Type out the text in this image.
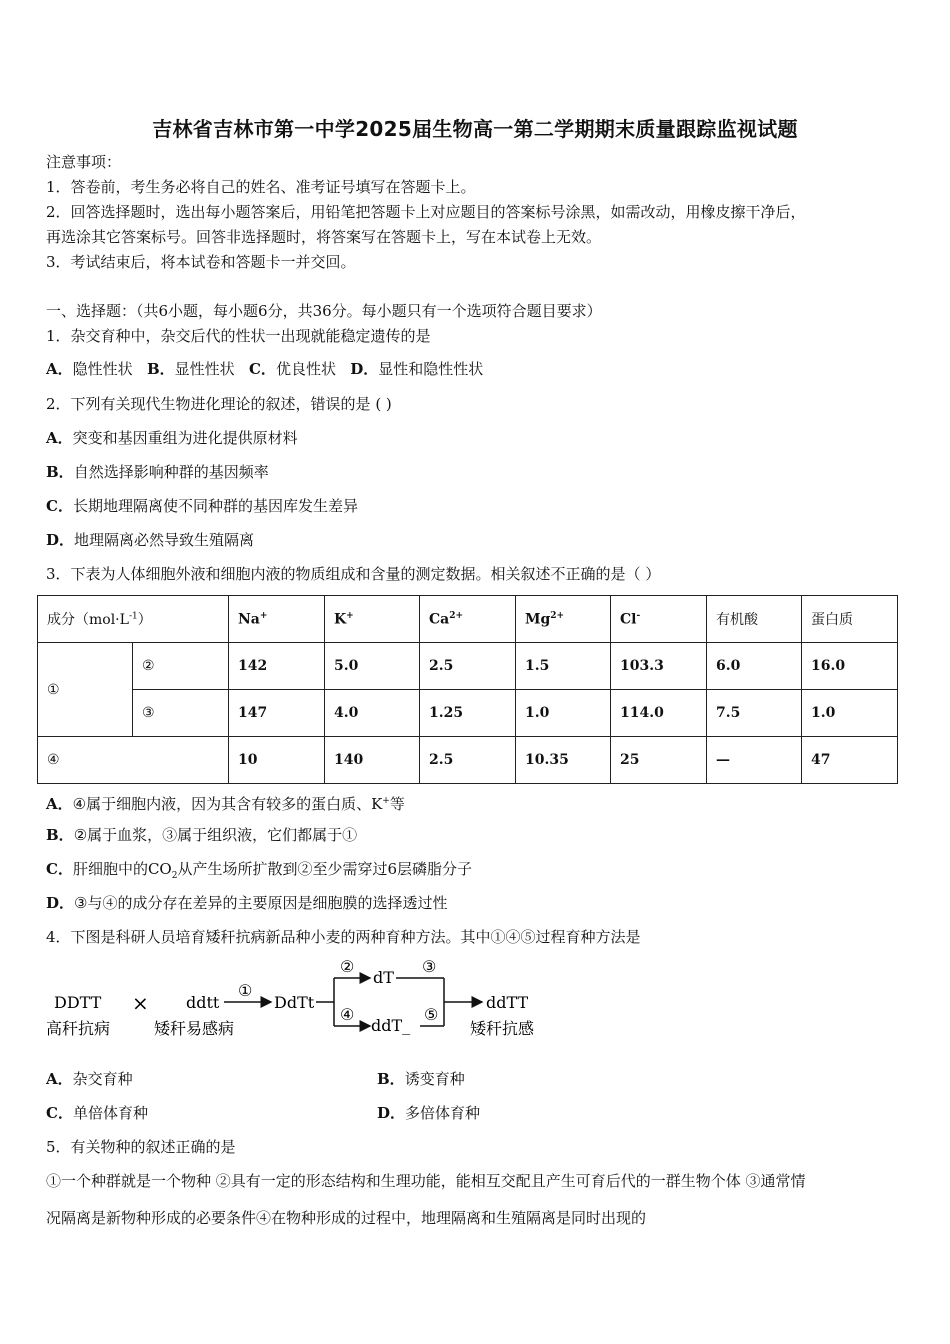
吉林省吉林市第一中学2025届生物高一第二学期期末质量跟踪监视试题
注意事项：
1．答卷前，考生务必将自己的姓名、准考证号填写在答题卡上。
2．回答选择题时，选出每小题答案后，用铅笔把答题卡上对应题目的答案标号涂黑，如需改动，用橡皮擦干净后，
再选涂其它答案标号。回答非选择题时，将答案写在答题卡上，写在本试卷上无效。
3．考试结束后，将本试卷和答题卡一并交回。
一、选择题：（共6小题，每小题6分，共36分。每小题只有一个选项符合题目要求）
1．杂交育种中，杂交后代的性状一出现就能稳定遗传的是
A．隐性性状 B．显性性状 C．优良性状 D．显性和隐性性状
2．下列有关现代生物进化理论的叙述，错误的是 ( )
A．突变和基因重组为进化提供原材料
B．自然选择影响种群的基因频率
C．长期地理隔离使不同种群的基因库发生差异
D．地理隔离必然导致生殖隔离
3．下表为人体细胞外液和细胞内液的物质组成和含量的测定数据。相关叙述不正确的是（ ）
成分$(mol\cdot L^{-1})$		Na+	K+	$Ca^{2+}$	$Mg^{2+}$	Cl-	有机酸	蛋白质
①	②	142	5.0	2.5	1.5	103.3	6.0	16.0
	③	147	4.0	1.25	1.0	114.0	7.5	1.0
④		10	140	2.5	10.35	25	—	47
A．④属于细胞内液，因为其含有较多的蛋白质、K+等
B．②属于血浆，③属于组织液，它们都属于①
C．肝细胞中的$CO_2$从产生场所扩散到②至少需穿过6层磷脂分子
D．③与④的成分存在差异的主要原因是细胞膜的选择透过性
4．下图是科研人员培育矮秆抗病新品种小麦的两种育种方法。其中①④⑤过程育种方法是
DDTT
高秆抗病
× ddtt
矮秆易感病
①
DdTt
②
④
dT
ddT_
③
⑤
ddTT
矮秆抗感
A．杂交育种	B．诱变育种
C．单倍体育种	D．多倍体育种
5．有关物种的叙述正确的是
①一个种群就是一个物种 ②具有一定的形态结构和生理功能，能相互交配且产生可育后代的一群生物个体 ③通常情
况隔离是新物种形成的必要条件④在物种形成的过程中，地理隔离和生殖隔离是同时出现的
